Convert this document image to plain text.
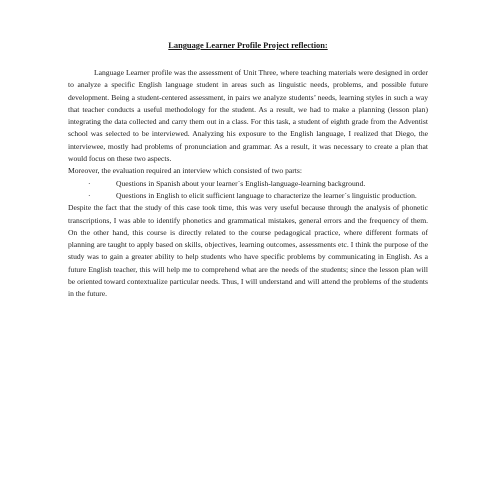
Language Learner Profile Project reflection:

Language Learner profile was the assessment of Unit Three, where teaching materials were designed in order to analyze a specific English language student in areas such as linguistic needs, problems, and possible future development. Being a student-centered assessment, in pairs we analyze students’ needs, learning styles in such a way that teacher conducts a useful methodology for the student. As a result, we had to make a planning (lesson plan) integrating the data collected and carry them out in a class. For this task, a student of eighth grade from the Adventist school was selected to be interviewed. Analyzing his exposure to the English language, I realized that Diego, the interviewee, mostly had problems of pronunciation and grammar. As a result, it was necessary to create a plan that would focus on these two aspects.

Moreover, the evaluation required an interview which consisted of two parts:

·	Questions in Spanish about your learner´s English-language-learning background.
·	Questions in English to elicit sufficient language to characterize the learner´s linguistic production.

Despite the fact that the study of this case took time, this was very useful because through the analysis of phonetic transcriptions, I was able to identify phonetics and grammatical mistakes, general errors and the frequency of them. On the other hand, this course is directly related to the course pedagogical practice, where different formats of planning are taught to apply based on skills, objectives, learning outcomes, assessments etc. I think the purpose of the study was to gain a greater ability to help students who have specific problems by communicating in English. As a future English teacher, this will help me to comprehend what are the needs of the students; since the lesson plan will be oriented toward contextualize particular needs. Thus, I will understand and will attend the problems of the students in the future.
